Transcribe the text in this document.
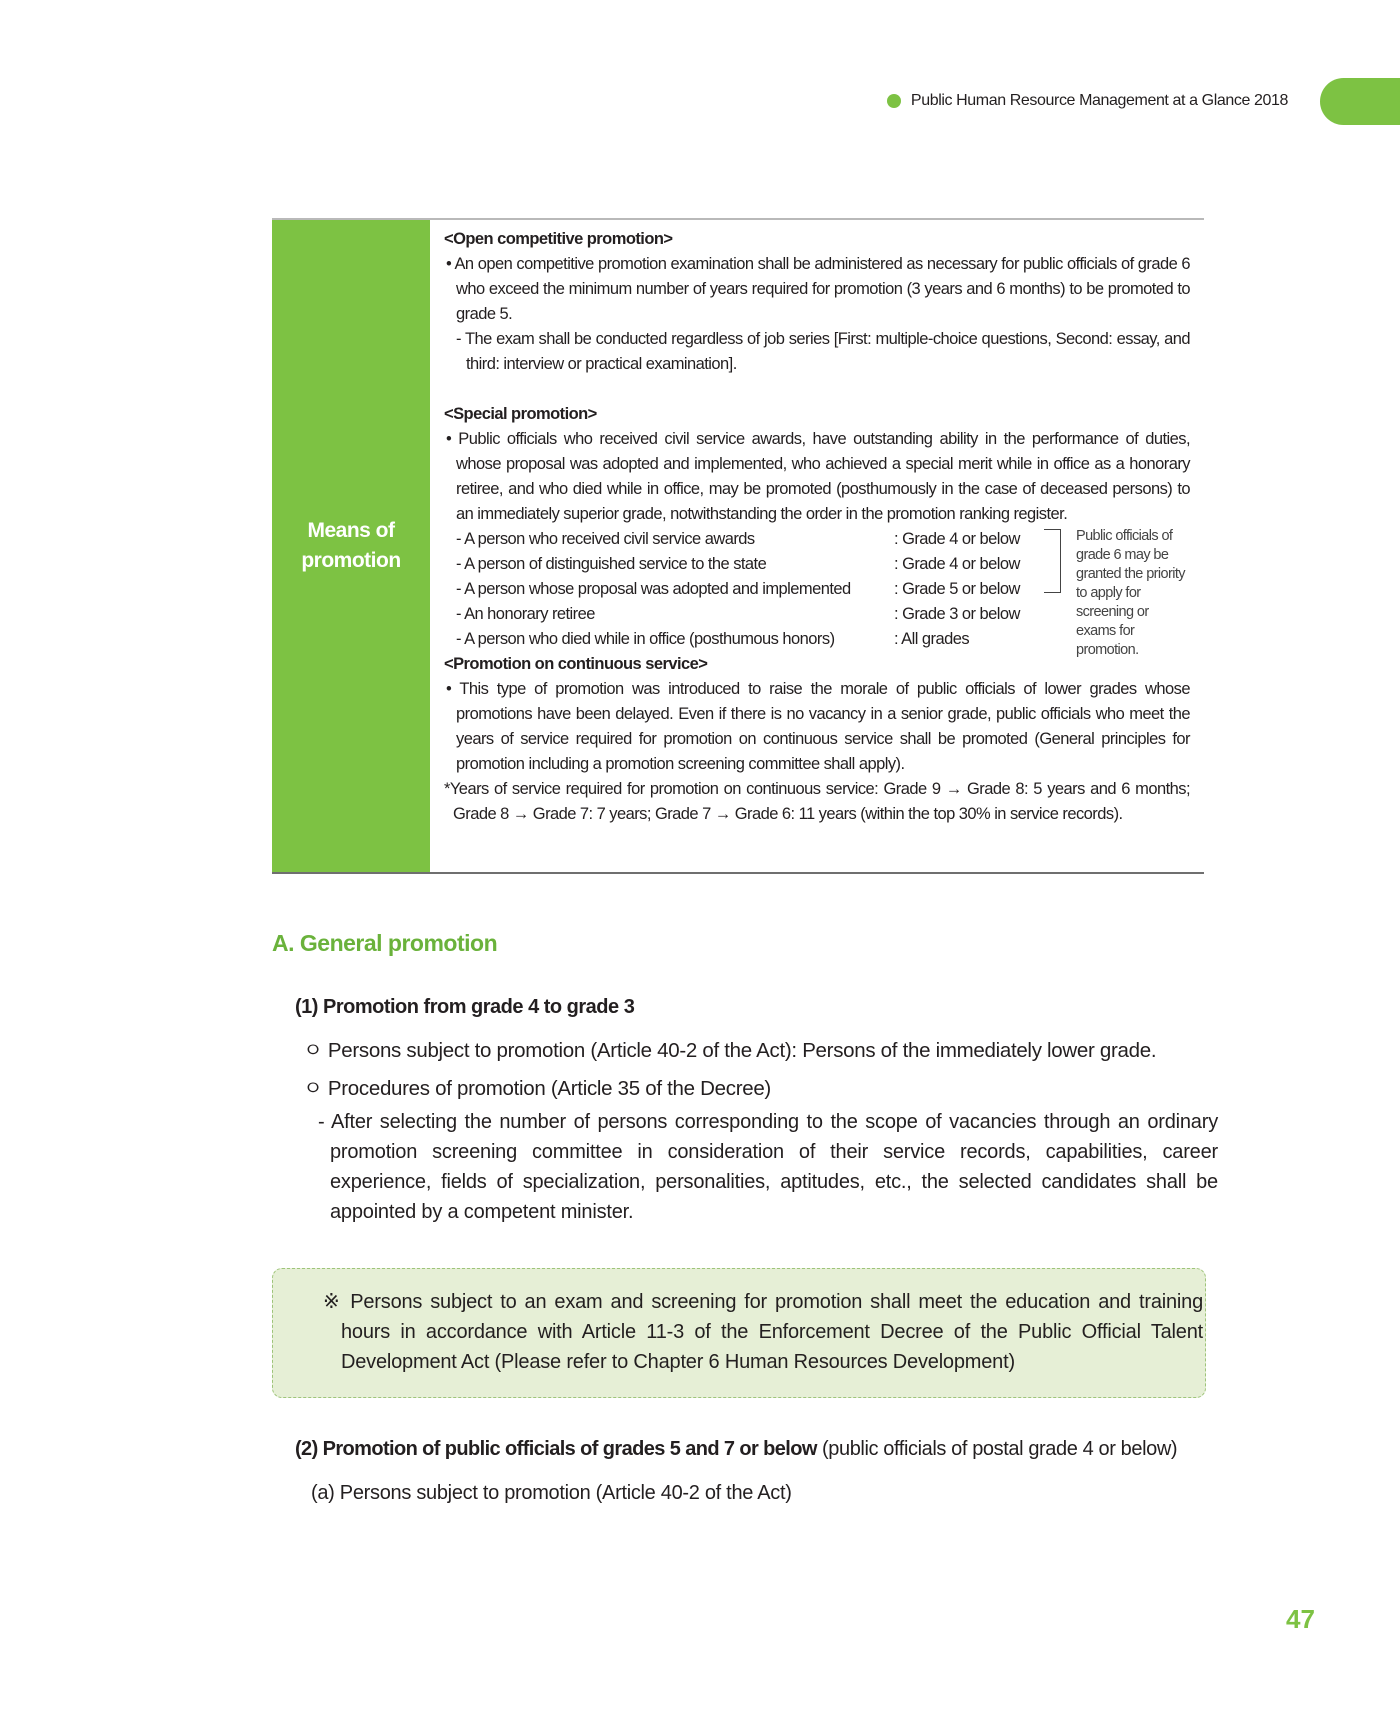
Public Human Resource Management at a Glance 2018
Means of promotion
<Open competitive promotion>
• An open competitive promotion examination shall be administered as necessary for public officials of grade 6 who exceed the minimum number of years required for promotion (3 years and 6 months) to be promoted to grade 5.
- The exam shall be conducted regardless of job series [First: multiple-choice questions, Second: essay, and third: interview or practical examination].
<Special promotion>
• Public officials who received civil service awards, have outstanding ability in the performance of duties, whose proposal was adopted and implemented, who achieved a special merit while in office as a honorary retiree, and who died while in office, may be promoted (posthumously in the case of deceased persons) to an immediately superior grade, notwithstanding the order in the promotion ranking register.
- A person who received civil service awards	: Grade 4 or below
- A person of distinguished service to the state	: Grade 4 or below
- A person whose proposal was adopted and implemented	: Grade 5 or below
- An honorary retiree	: Grade 3 or below
- A person who died while in office (posthumous honors)	: All grades
Public officials of grade 6 may be granted the priority to apply for screening or exams for promotion.
<Promotion on continuous service>
• This type of promotion was introduced to raise the morale of public officials of lower grades whose promotions have been delayed. Even if there is no vacancy in a senior grade, public officials who meet the years of service required for promotion on continuous service shall be promoted (General principles for promotion including a promotion screening committee shall apply).
*Years of service required for promotion on continuous service: Grade 9 → Grade 8: 5 years and 6 months; Grade 8 → Grade 7: 7 years; Grade 7 → Grade 6: 11 years (within the top 30% in service records).
A. General promotion
(1) Promotion from grade 4 to grade 3
ㅇ Persons subject to promotion (Article 40-2 of the Act): Persons of the immediately lower grade.
ㅇ Procedures of promotion (Article 35 of the Decree)
- After selecting the number of persons corresponding to the scope of vacancies through an ordinary promotion screening committee in consideration of their service records, capabilities, career experience, fields of specialization, personalities, aptitudes, etc., the selected candidates shall be appointed by a competent minister.
※ Persons subject to an exam and screening for promotion shall meet the education and training hours in accordance with Article 11-3 of the Enforcement Decree of the Public Official Talent Development Act (Please refer to Chapter 6 Human Resources Development)
(2) Promotion of public officials of grades 5 and 7 or below (public officials of postal grade 4 or below)
(a) Persons subject to promotion (Article 40-2 of the Act)
47
